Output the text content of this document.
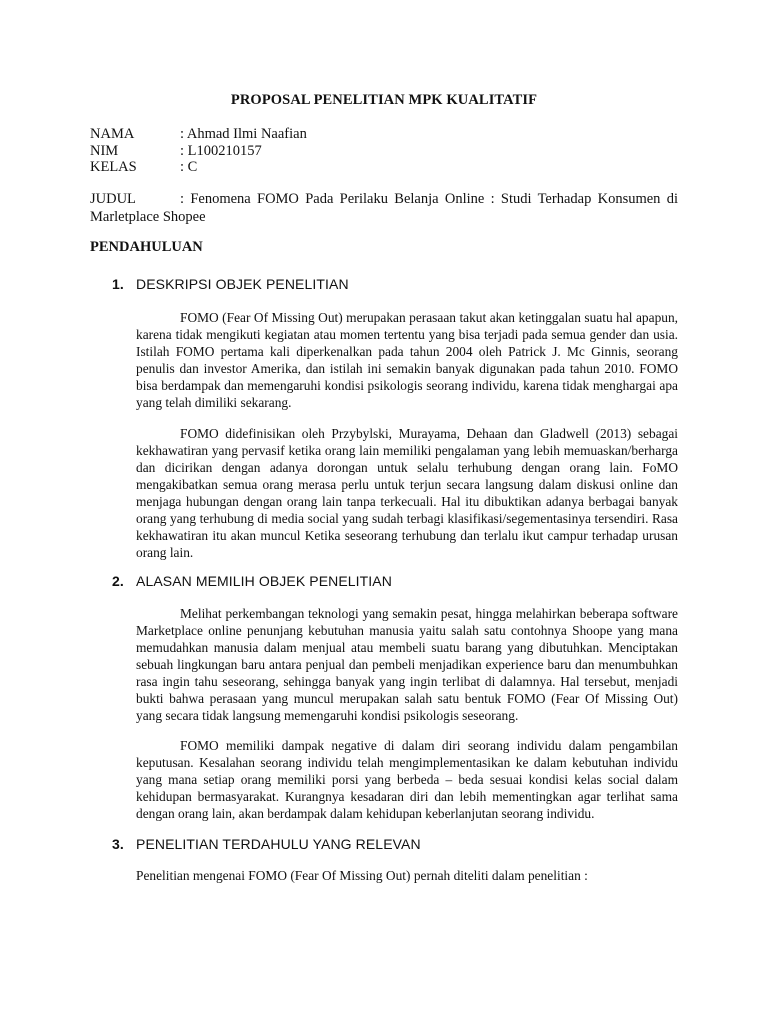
PROPOSAL PENELITIAN MPK KUALITATIF
NAMA	: Ahmad Ilmi Naafian
NIM	: L100210157
KELAS	: C
JUDUL	: Fenomena FOMO Pada Perilaku Belanja Online : Studi Terhadap Konsumen di Marletplace Shopee
PENDAHULUAN
1. DESKRIPSI OBJEK PENELITIAN

FOMO (Fear Of Missing Out) merupakan perasaan takut akan ketinggalan suatu hal apapun, karena tidak mengikuti kegiatan atau momen tertentu yang bisa terjadi pada semua gender dan usia. Istilah FOMO pertama kali diperkenalkan pada tahun 2004 oleh Patrick J. Mc Ginnis, seorang penulis dan investor Amerika, dan istilah ini semakin banyak digunakan pada tahun 2010. FOMO bisa berdampak dan memengaruhi kondisi psikologis seorang individu, karena tidak menghargai apa yang telah dimiliki sekarang.

FOMO didefinisikan oleh Przybylski, Murayama, Dehaan dan Gladwell (2013) sebagai kekhawatiran yang pervasif ketika orang lain memiliki pengalaman yang lebih memuaskan/berharga dan dicirikan dengan adanya dorongan untuk selalu terhubung dengan orang lain. FoMO mengakibatkan semua orang merasa perlu untuk terjun secara langsung dalam diskusi online dan menjaga hubungan dengan orang lain tanpa terkecuali. Hal itu dibuktikan adanya berbagai banyak orang yang terhubung di media social yang sudah terbagi klasifikasi/segementasinya tersendiri. Rasa kekhawatiran itu akan muncul Ketika seseorang terhubung dan terlalu ikut campur terhadap urusan orang lain.

2. ALASAN MEMILIH OBJEK PENELITIAN

Melihat perkembangan teknologi yang semakin pesat, hingga melahirkan beberapa software Marketplace online penunjang kebutuhan manusia yaitu salah satu contohnya Shoope yang mana memudahkan manusia dalam menjual atau membeli suatu barang yang dibutuhkan. Menciptakan sebuah lingkungan baru antara penjual dan pembeli menjadikan experience baru dan menumbuhkan rasa ingin tahu seseorang, sehingga banyak yang ingin terlibat di dalamnya. Hal tersebut, menjadi bukti bahwa perasaan yang muncul merupakan salah satu bentuk FOMO (Fear Of Missing Out) yang secara tidak langsung memengaruhi kondisi psikologis seseorang.

FOMO memiliki dampak negative di dalam diri seorang individu dalam pengambilan keputusan. Kesalahan seorang individu telah mengimplementasikan ke dalam kebutuhan individu yang mana setiap orang memiliki porsi yang berbeda – beda sesuai kondisi kelas social dalam kehidupan bermasyarakat. Kurangnya kesadaran diri dan lebih mementingkan agar terlihat sama dengan orang lain, akan berdampak dalam kehidupan keberlanjutan seorang individu.

3. PENELITIAN TERDAHULU YANG RELEVAN

Penelitian mengenai FOMO (Fear Of Missing Out) pernah diteliti dalam penelitian :
